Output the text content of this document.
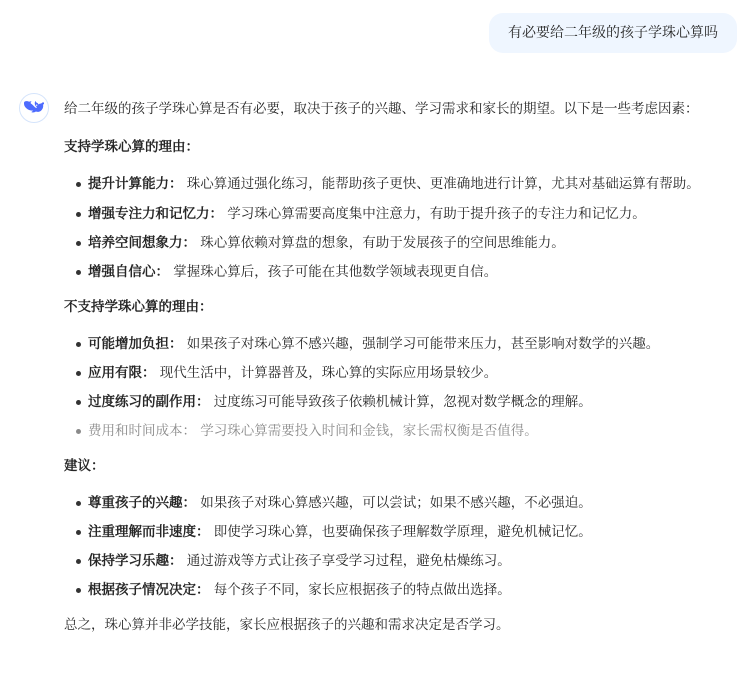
有必要给二年级的孩子学珠心算吗

给二年级的孩子学珠心算是否有必要，取决于孩子的兴趣、学习需求和家长的期望。以下是一些考虑因素：

支持学珠心算的理由：

提升计算能力： 珠心算通过强化练习，能帮助孩子更快、更准确地进行计算，尤其对基础运算有帮助。
增强专注力和记忆力： 学习珠心算需要高度集中注意力，有助于提升孩子的专注力和记忆力。
培养空间想象力： 珠心算依赖对算盘的想象，有助于发展孩子的空间思维能力。
增强自信心： 掌握珠心算后，孩子可能在其他数学领域表现更自信。

不支持学珠心算的理由：

可能增加负担： 如果孩子对珠心算不感兴趣，强制学习可能带来压力，甚至影响对数学的兴趣。
应用有限： 现代生活中，计算器普及，珠心算的实际应用场景较少。
过度练习的副作用： 过度练习可能导致孩子依赖机械计算，忽视对数学概念的理解。
费用和时间成本： 学习珠心算需要投入时间和金钱，家长需权衡是否值得。

建议：

尊重孩子的兴趣： 如果孩子对珠心算感兴趣，可以尝试；如果不感兴趣，不必强迫。
注重理解而非速度： 即使学习珠心算，也要确保孩子理解数学原理，避免机械记忆。
保持学习乐趣： 通过游戏等方式让孩子享受学习过程，避免枯燥练习。
根据孩子情况决定： 每个孩子不同，家长应根据孩子的特点做出选择。

总之，珠心算并非必学技能，家长应根据孩子的兴趣和需求决定是否学习。
